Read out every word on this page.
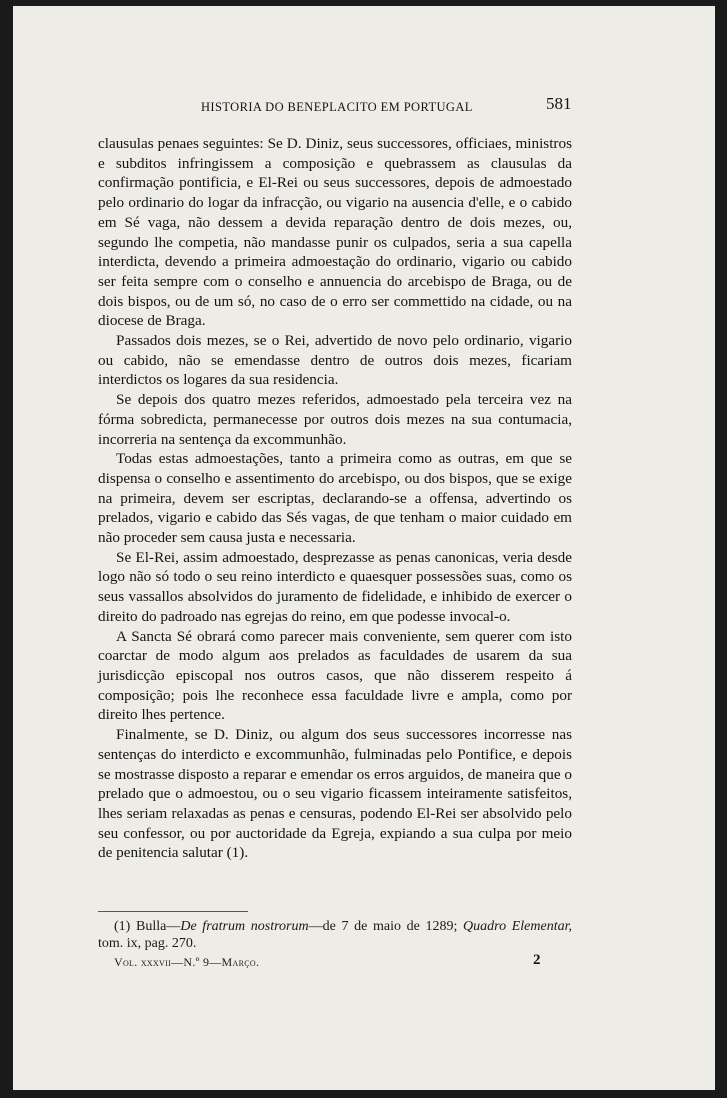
HISTORIA DO BENEPLACITO EM PORTUGAL	581

clausulas penaes seguintes: Se D. Diniz, seus successores, officiaes, ministros e subditos infringissem a composição e quebrassem as clausulas da confirmação pontificia, e El-Rei ou seus successores, depois de admoestado pelo ordinario do logar da infracção, ou vigario na ausencia d'elle, e o cabido em Sé vaga, não dessem a devida reparação dentro de dois mezes, ou, segundo lhe competia, não mandasse punir os culpados, seria a sua capella interdicta, devendo a primeira admoestação do ordinario, vigario ou cabido ser feita sempre com o conselho e annuencia do arcebispo de Braga, ou de dois bispos, ou de um só, no caso de o erro ser commettido na cidade, ou na diocese de Braga.

Passados dois mezes, se o Rei, advertido de novo pelo ordinario, vigario ou cabido, não se emendasse dentro de outros dois mezes, ficariam interdictos os logares da sua residencia.

Se depois dos quatro mezes referidos, admoestado pela terceira vez na fórma sobredicta, permanecesse por outros dois mezes na sua contumacia, incorreria na sentença da excommunhão.

Todas estas admoestações, tanto a primeira como as outras, em que se dispensa o conselho e assentimento do arcebispo, ou dos bispos, que se exige na primeira, devem ser escriptas, declarando-se a offensa, advertindo os prelados, vigario e cabido das Sés vagas, de que tenham o maior cuidado em não proceder sem causa justa e necessaria.

Se El-Rei, assim admoestado, desprezasse as penas canonicas, veria desde logo não só todo o seu reino interdicto e quaesquer possessões suas, como os seus vassallos absolvidos do juramento de fidelidade, e inhibido de exercer o direito do padroado nas egrejas do reino, em que podesse invocal-o.

A Sancta Sé obrará como parecer mais conveniente, sem querer com isto coarctar de modo algum aos prelados as faculdades de usarem da sua jurisdicção episcopal nos outros casos, que não disserem respeito á composição; pois lhe reconhece essa faculdade livre e ampla, como por direito lhes pertence.

Finalmente, se D. Diniz, ou algum dos seus successores incorresse nas sentenças do interdicto e excommunhão, fulminadas pelo Pontifice, e depois se mostrasse disposto a reparar e emendar os erros arguidos, de maneira que o prelado que o admoestou, ou o seu vigario ficassem inteiramente satisfeitos, lhes seriam relaxadas as penas e censuras, podendo El-Rei ser absolvido pelo seu confessor, ou por auctoridade da Egreja, expiando a sua culpa por meio de penitencia salutar (1).

(1) Bulla—De fratrum nostrorum—de 7 de maio de 1289; Quadro Elementar, tom. ix, pag. 270.
Vol. xxxvii—N.º 9—Março.	2
